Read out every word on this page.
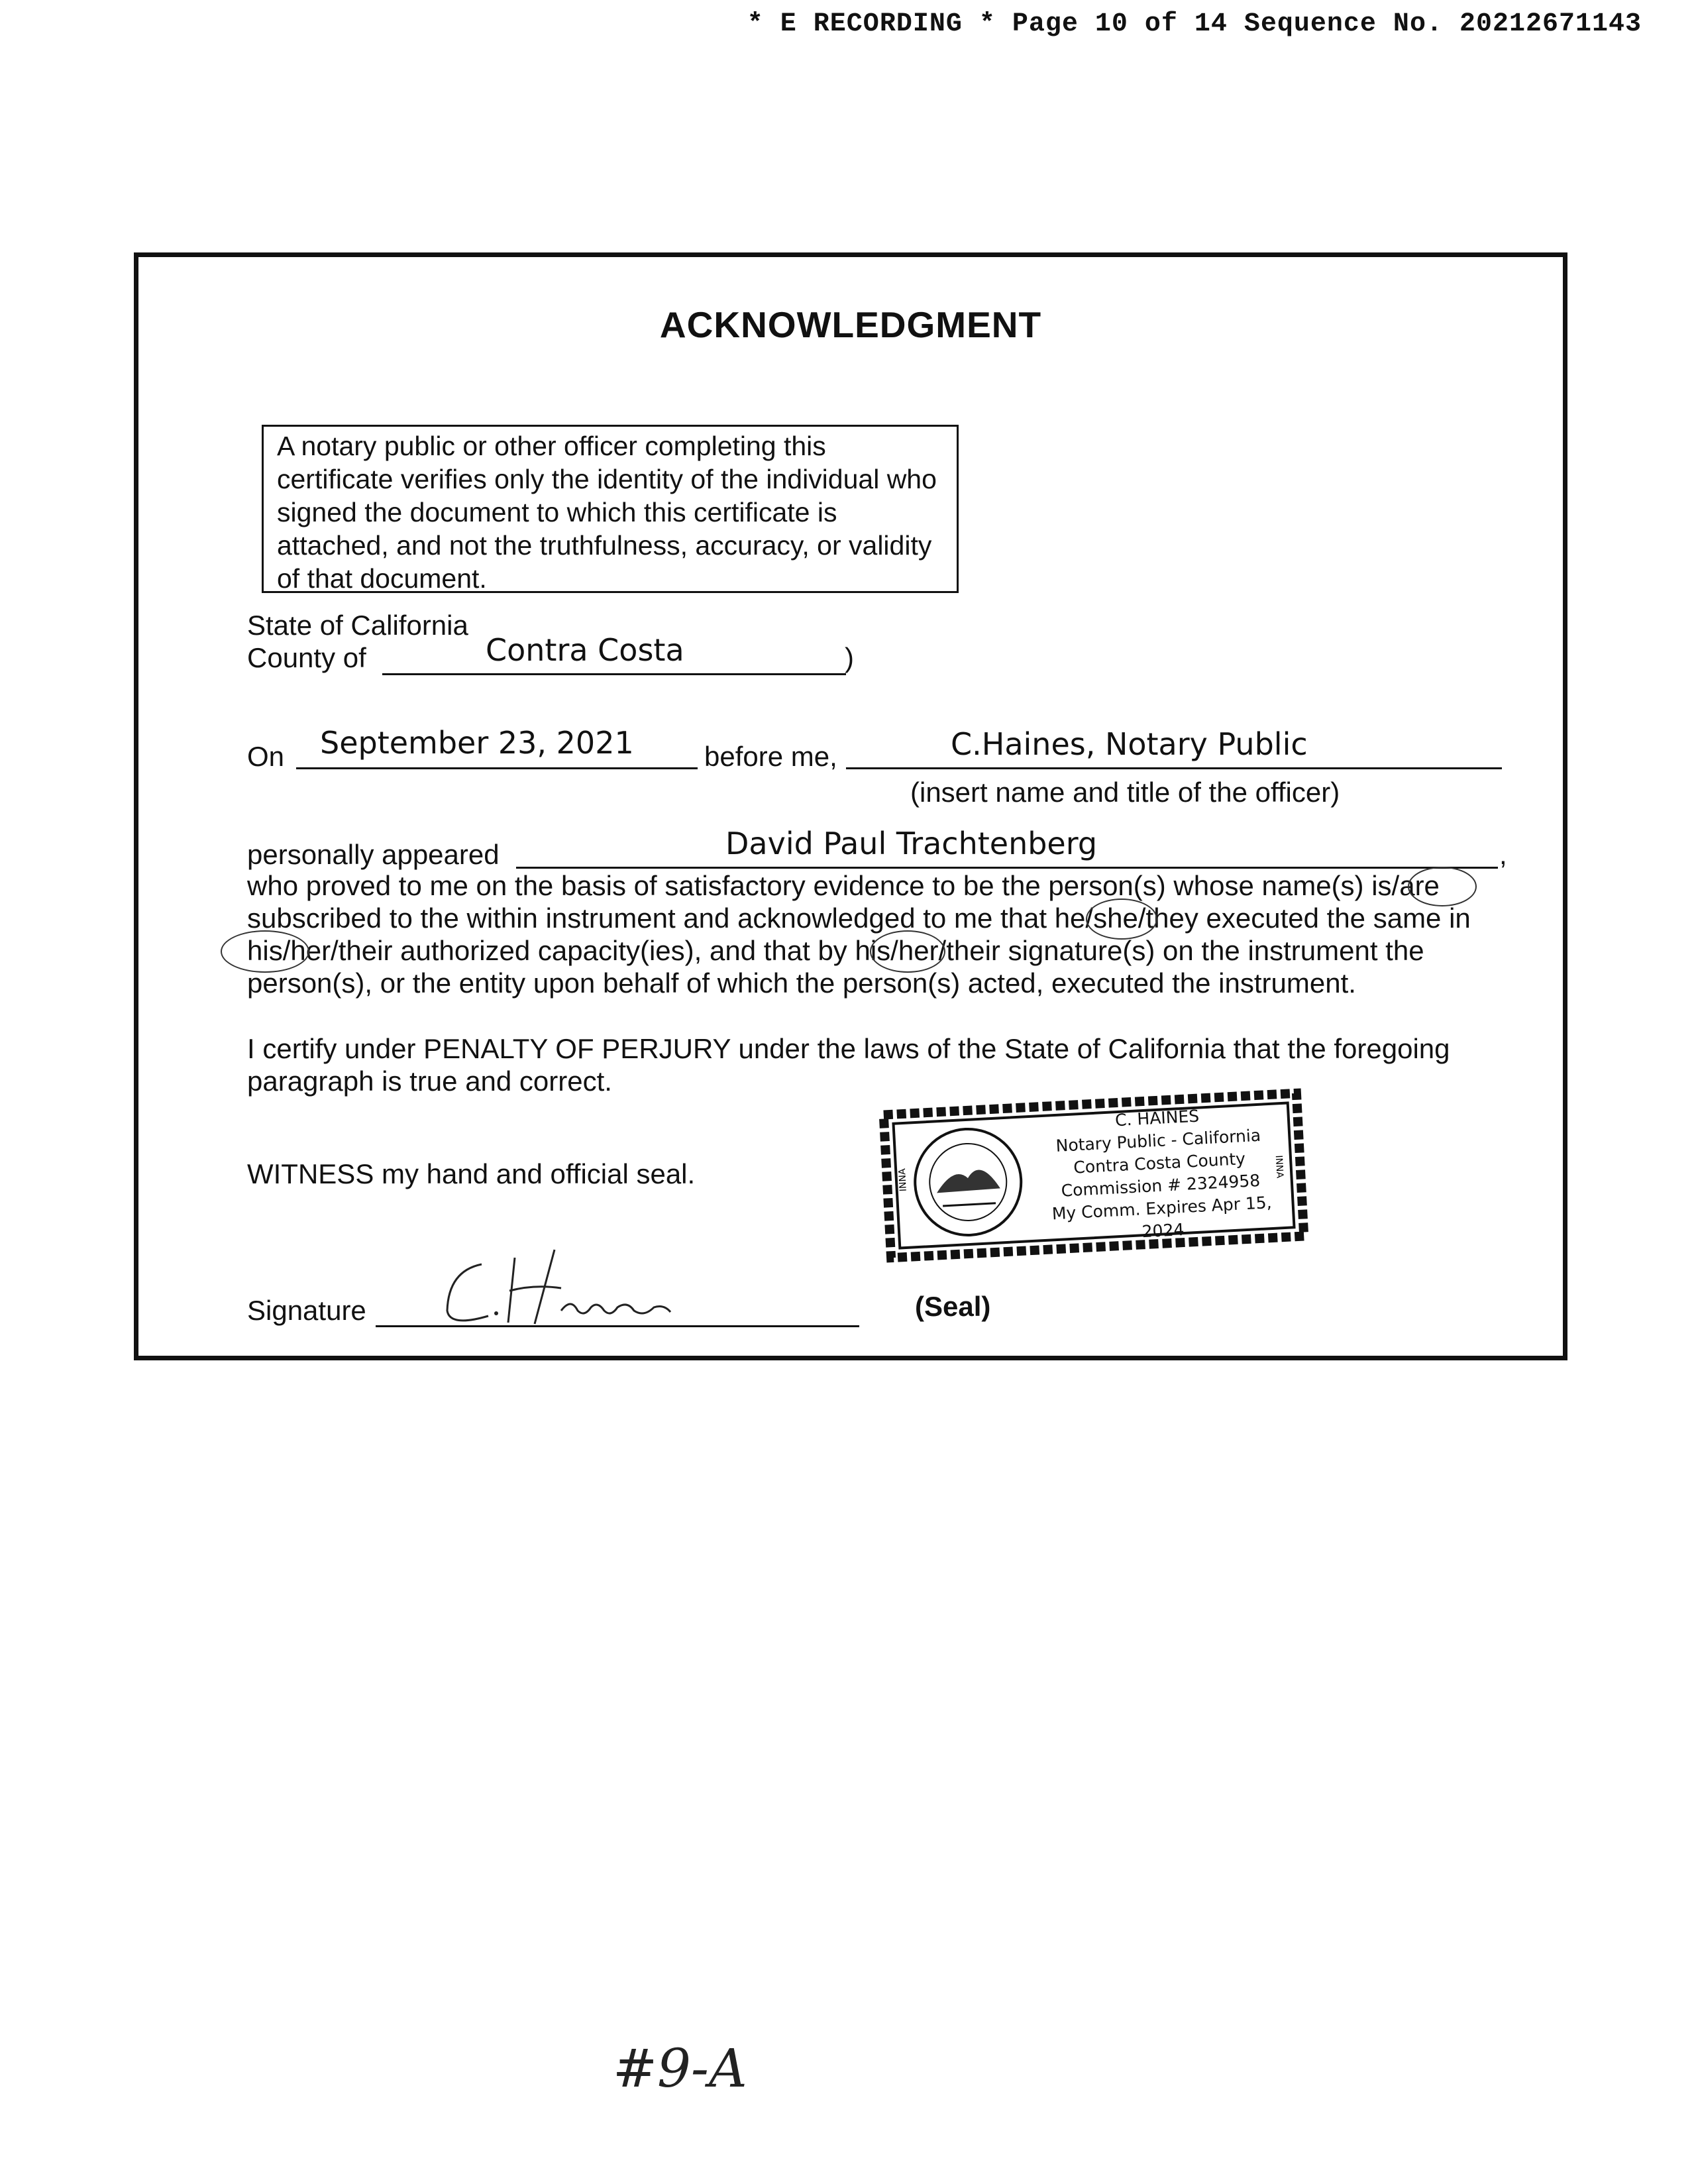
* E RECORDING * Page 10 of 14 Sequence No. 20212671143
ACKNOWLEDGMENT
A notary public or other officer completing this certificate verifies only the identity of the individual who signed the document to which this certificate is attached, and not the truthfulness, accuracy, or validity of that document.
State of California
County of	Contra Costa	)
On September 23, 2021	before me,	C.Haines, Notary Public
(insert name and title of the officer)
personally appeared	David Paul Trachtenberg	,
who proved to me on the basis of satisfactory evidence to be the person(s) whose name(s) is/are
subscribed to the within instrument and acknowledged to me that he/she/they executed the same in
his/her/their authorized capacity(ies), and that by his/her/their signature(s) on the instrument the
person(s), or the entity upon behalf of which the person(s) acted, executed the instrument.
I certify under PENALTY OF PERJURY under the laws of the State of California that the foregoing
paragraph is true and correct.
WITNESS my hand and official seal.	INNA
INNA
C. HAINES
Notary Public - California
Contra Costa County
Commission # 2324958
My Comm. Expires Apr 15, 2024
Signature	(Seal)
#9-A
